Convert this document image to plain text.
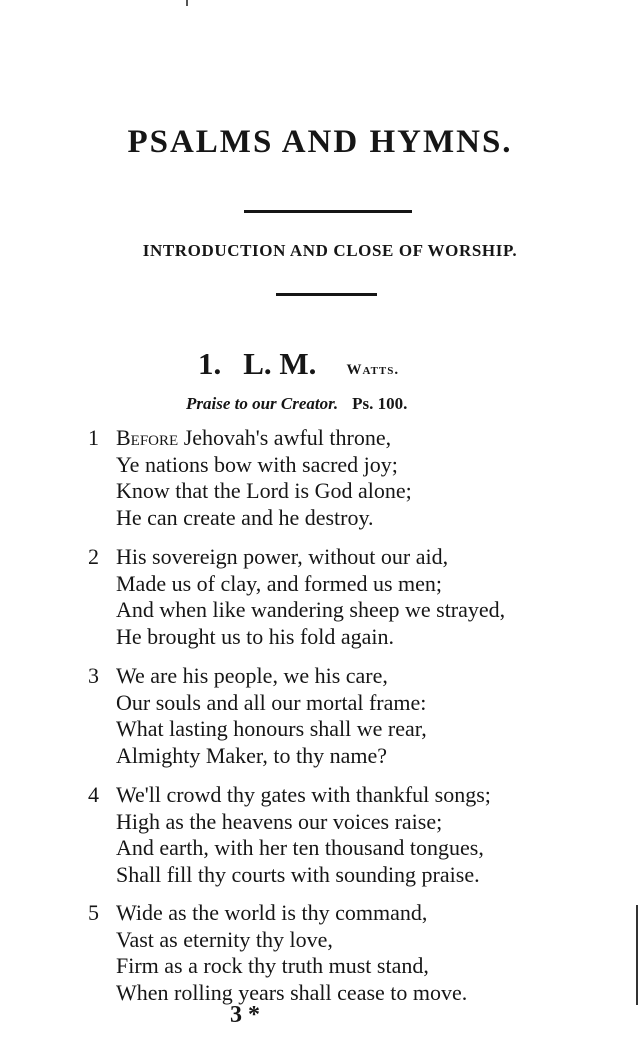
PSALMS AND HYMNS.
INTRODUCTION AND CLOSE OF WORSHIP.
1. L. M. Watts.
Praise to our Creator. Ps. 100.
1 Before Jehovah's awful throne,
Ye nations bow with sacred joy;
Know that the Lord is God alone;
He can create and he destroy.
2 His sovereign power, without our aid,
Made us of clay, and formed us men;
And when like wandering sheep we strayed,
He brought us to his fold again.
3 We are his people, we his care,
Our souls and all our mortal frame:
What lasting honours shall we rear,
Almighty Maker, to thy name?
4 We'll crowd thy gates with thankful songs;
High as the heavens our voices raise;
And earth, with her ten thousand tongues,
Shall fill thy courts with sounding praise.
5 Wide as the world is thy command,
Vast as eternity thy love,
Firm as a rock thy truth must stand,
When rolling years shall cease to move.
3 *
